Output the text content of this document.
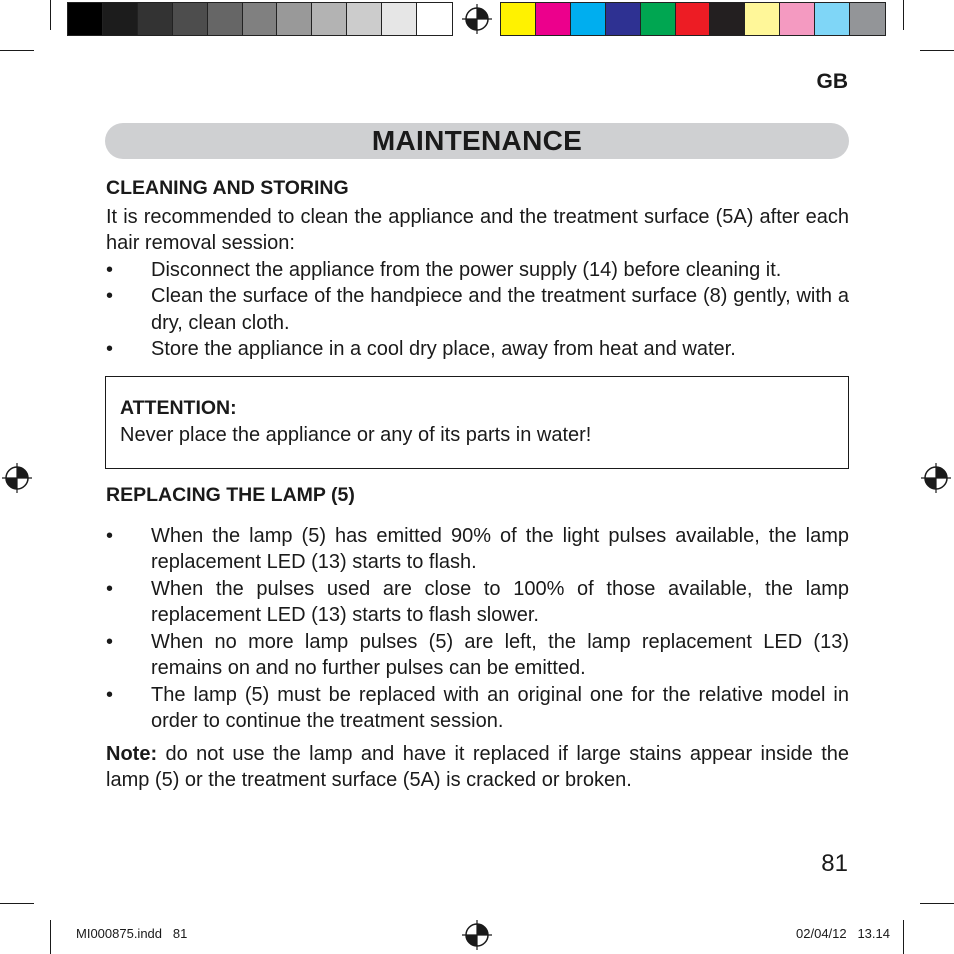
GB
MAINTENANCE
CLEANING AND STORING
It is recommended to clean the appliance and the treatment surface (5A) after each hair removal session:
• Disconnect the appliance from the power supply (14) before cleaning it.
• Clean the surface of the handpiece and the treatment surface (8) gently, with a dry, clean cloth.
• Store the appliance in a cool dry place, away from heat and water.
ATTENTION:
Never place the appliance or any of its parts in water!
REPLACING THE LAMP (5)
• When the lamp (5) has emitted 90% of the light pulses available, the lamp replacement LED (13) starts to flash.
• When the pulses used are close to 100% of those available, the lamp replacement LED (13) starts to flash slower.
• When no more lamp pulses (5) are left, the lamp replacement LED (13) remains on and no further pulses can be emitted.
• The lamp (5) must be replaced with an original one for the relative model in order to continue the treatment session.
Note: do not use the lamp and have it replaced if large stains appear inside the lamp (5) or the treatment surface (5A) is cracked or broken.
81
MI000875.indd   81	02/04/12   13.14
